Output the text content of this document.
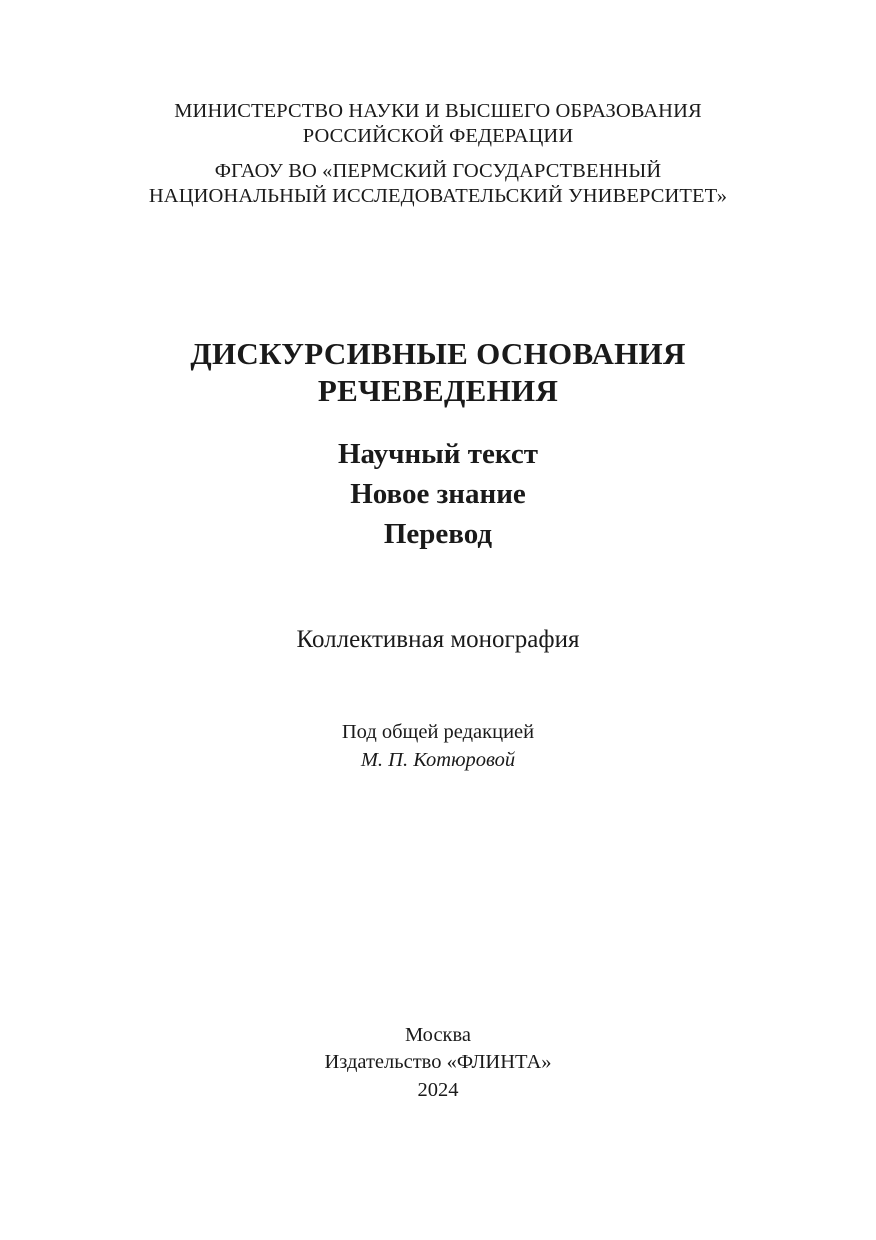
МИНИСТЕРСТВО НАУКИ И ВЫСШЕГО ОБРАЗОВАНИЯ
РОССИЙСКОЙ ФЕДЕРАЦИИ
ФГАОУ ВО «ПЕРМСКИЙ ГОСУДАРСТВЕННЫЙ
НАЦИОНАЛЬНЫЙ ИССЛЕДОВАТЕЛЬСКИЙ УНИВЕРСИТЕТ»
ДИСКУРСИВНЫЕ ОСНОВАНИЯ
РЕЧЕВЕДЕНИЯ
Научный текст
Новое знание
Перевод
Коллективная монография
Под общей редакцией
М. П. Котюровой
Москва
Издательство «ФЛИНТА»
2024
